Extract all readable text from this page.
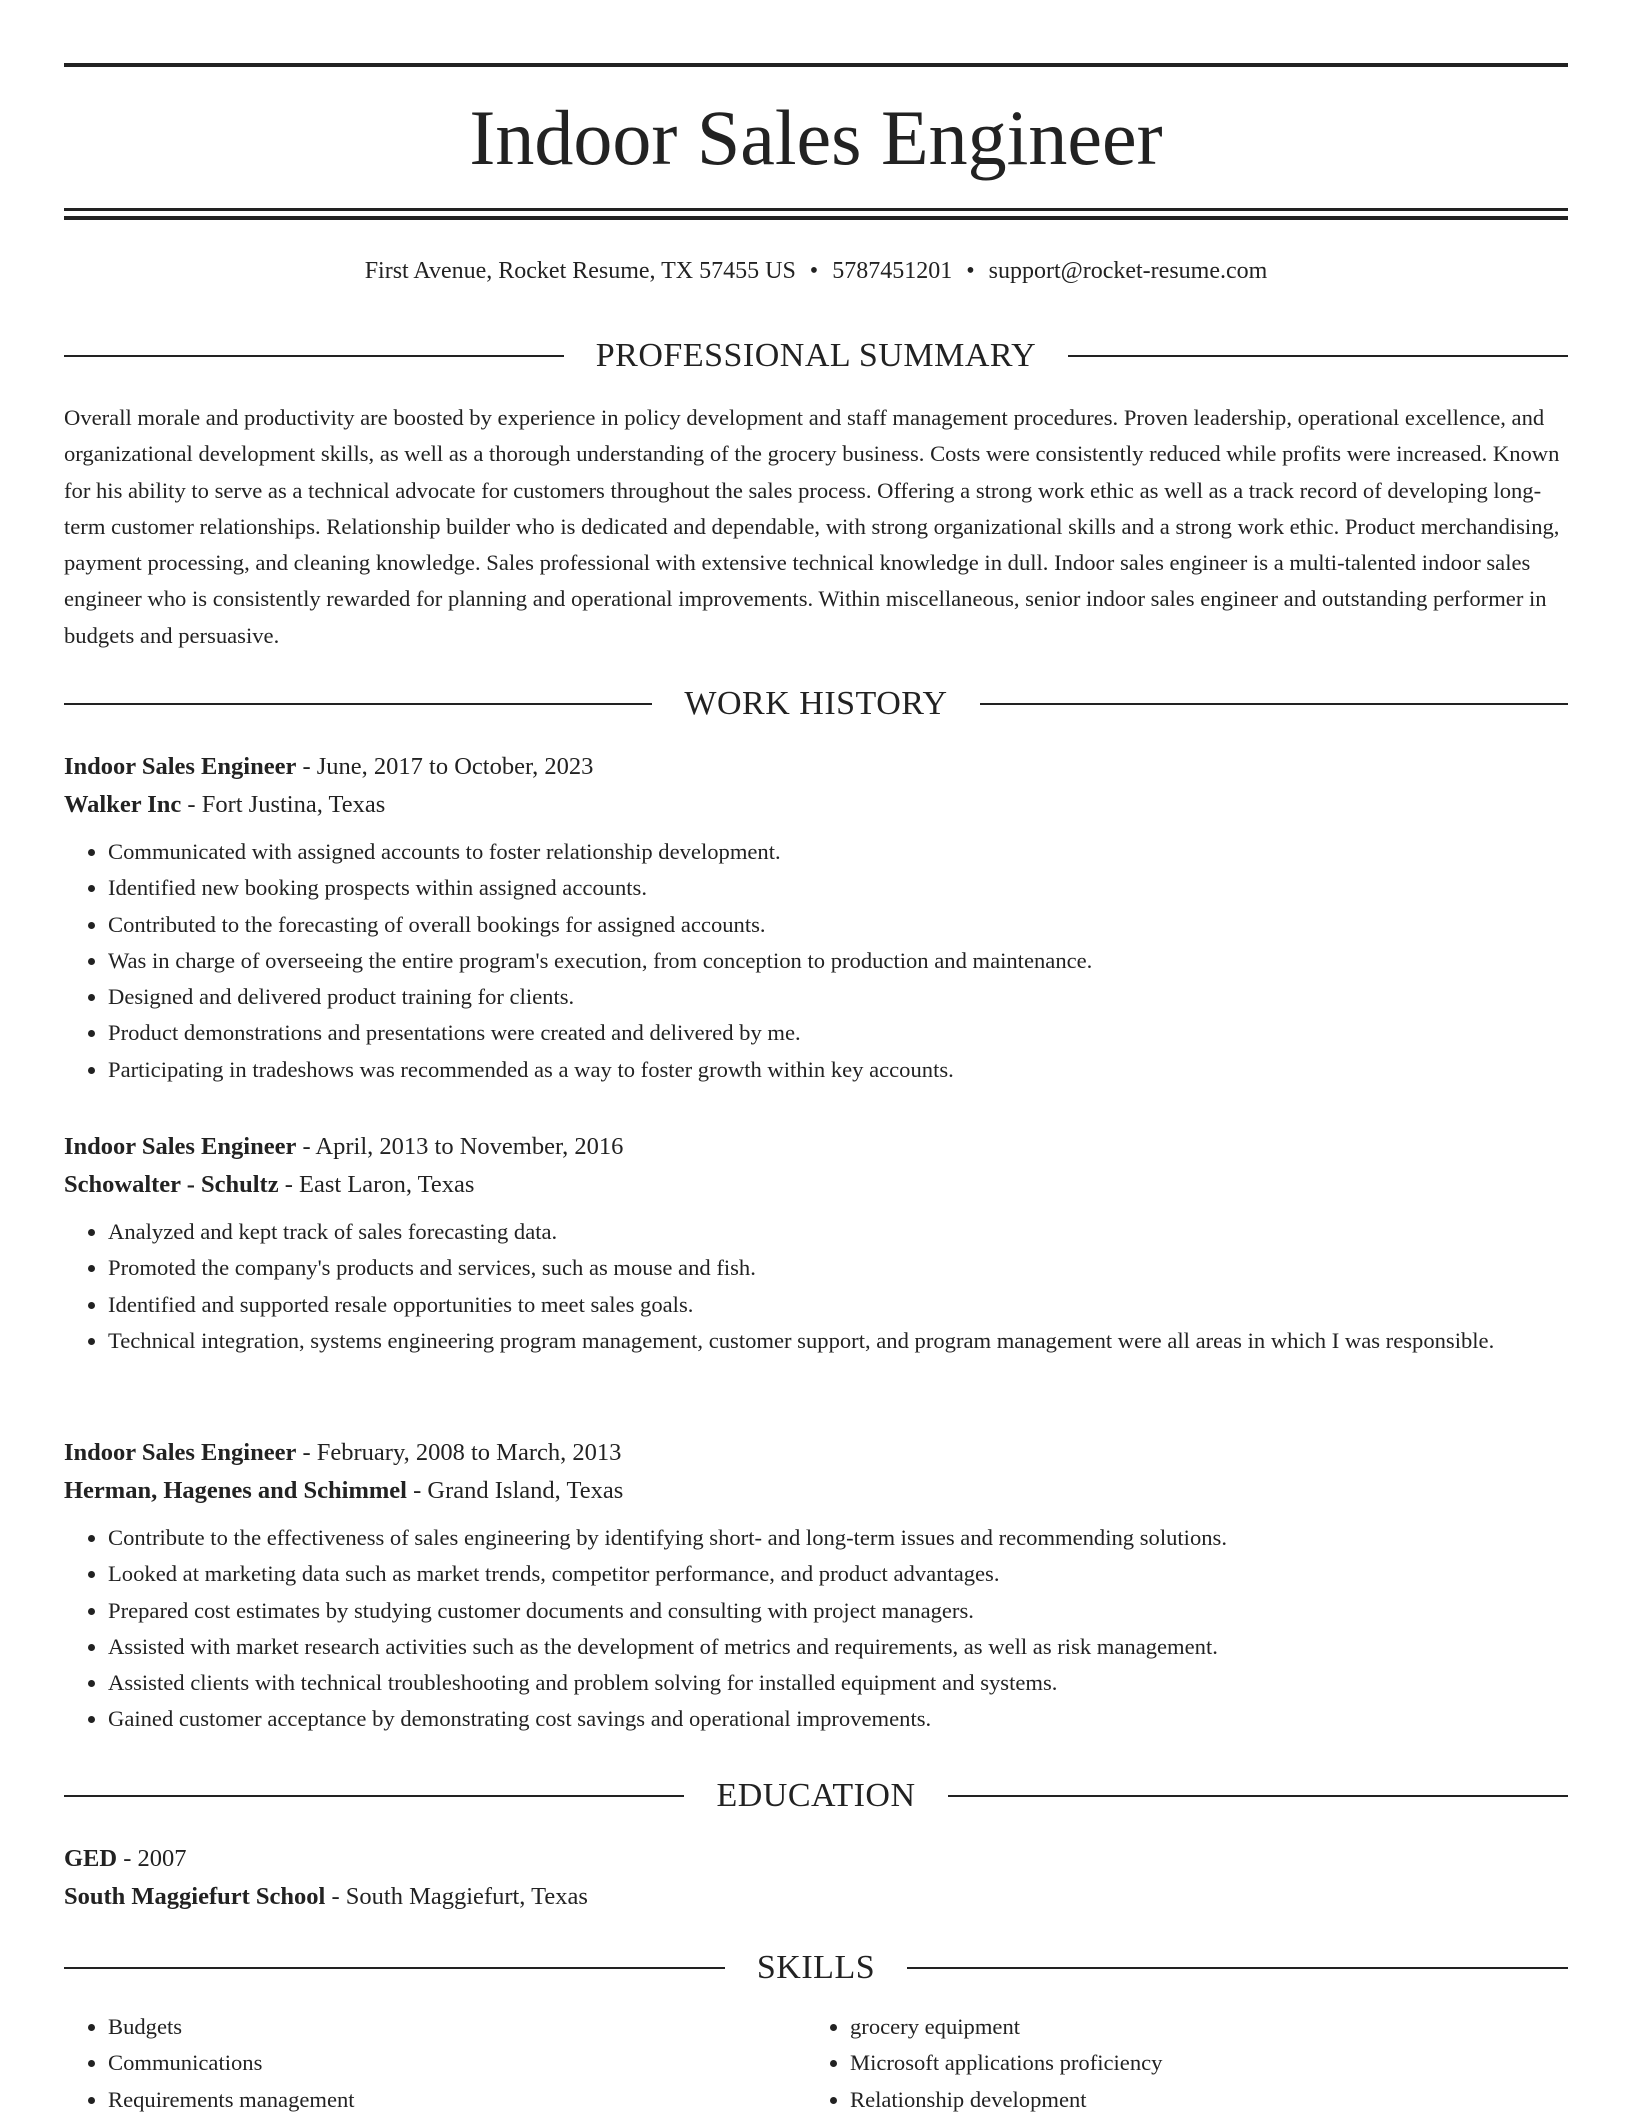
Indoor Sales Engineer
First Avenue, Rocket Resume, TX 57455 US • 5787451201 • support@rocket-resume.com
PROFESSIONAL SUMMARY

Overall morale and productivity are boosted by experience in policy development and staff management procedures. Proven leadership, operational excellence, and organizational development skills, as well as a thorough understanding of the grocery business. Costs were consistently reduced while profits were increased. Known for his ability to serve as a technical advocate for customers throughout the sales process. Offering a strong work ethic as well as a track record of developing long-term customer relationships. Relationship builder who is dedicated and dependable, with strong organizational skills and a strong work ethic. Product merchandising, payment processing, and cleaning knowledge. Sales professional with extensive technical knowledge in dull. Indoor sales engineer is a multi-talented indoor sales engineer who is consistently rewarded for planning and operational improvements. Within miscellaneous, senior indoor sales engineer and outstanding performer in budgets and persuasive.

WORK HISTORY
Indoor Sales Engineer - June, 2017 to October, 2023
Walker Inc - Fort Justina, Texas
• Communicated with assigned accounts to foster relationship development.
• Identified new booking prospects within assigned accounts.
• Contributed to the forecasting of overall bookings for assigned accounts.
• Was in charge of overseeing the entire program's execution, from conception to production and maintenance.
• Designed and delivered product training for clients.
• Product demonstrations and presentations were created and delivered by me.
• Participating in tradeshows was recommended as a way to foster growth within key accounts.
Indoor Sales Engineer - April, 2013 to November, 2016
Schowalter - Schultz - East Laron, Texas
• Analyzed and kept track of sales forecasting data.
• Promoted the company's products and services, such as mouse and fish.
• Identified and supported resale opportunities to meet sales goals.
• Technical integration, systems engineering program management, customer support, and program management were all areas in which I was responsible.
Indoor Sales Engineer - February, 2008 to March, 2013
Herman, Hagenes and Schimmel - Grand Island, Texas
• Contribute to the effectiveness of sales engineering by identifying short- and long-term issues and recommending solutions.
• Looked at marketing data such as market trends, competitor performance, and product advantages.
• Prepared cost estimates by studying customer documents and consulting with project managers.
• Assisted with market research activities such as the development of metrics and requirements, as well as risk management.
• Assisted clients with technical troubleshooting and problem solving for installed equipment and systems.
• Gained customer acceptance by demonstrating cost savings and operational improvements.
EDUCATION
GED - 2007
South Maggiefurt School - South Maggiefurt, Texas
SKILLS
• Budgets
• Communications
• Requirements management
• grocery equipment
• Microsoft applications proficiency
• Relationship development
